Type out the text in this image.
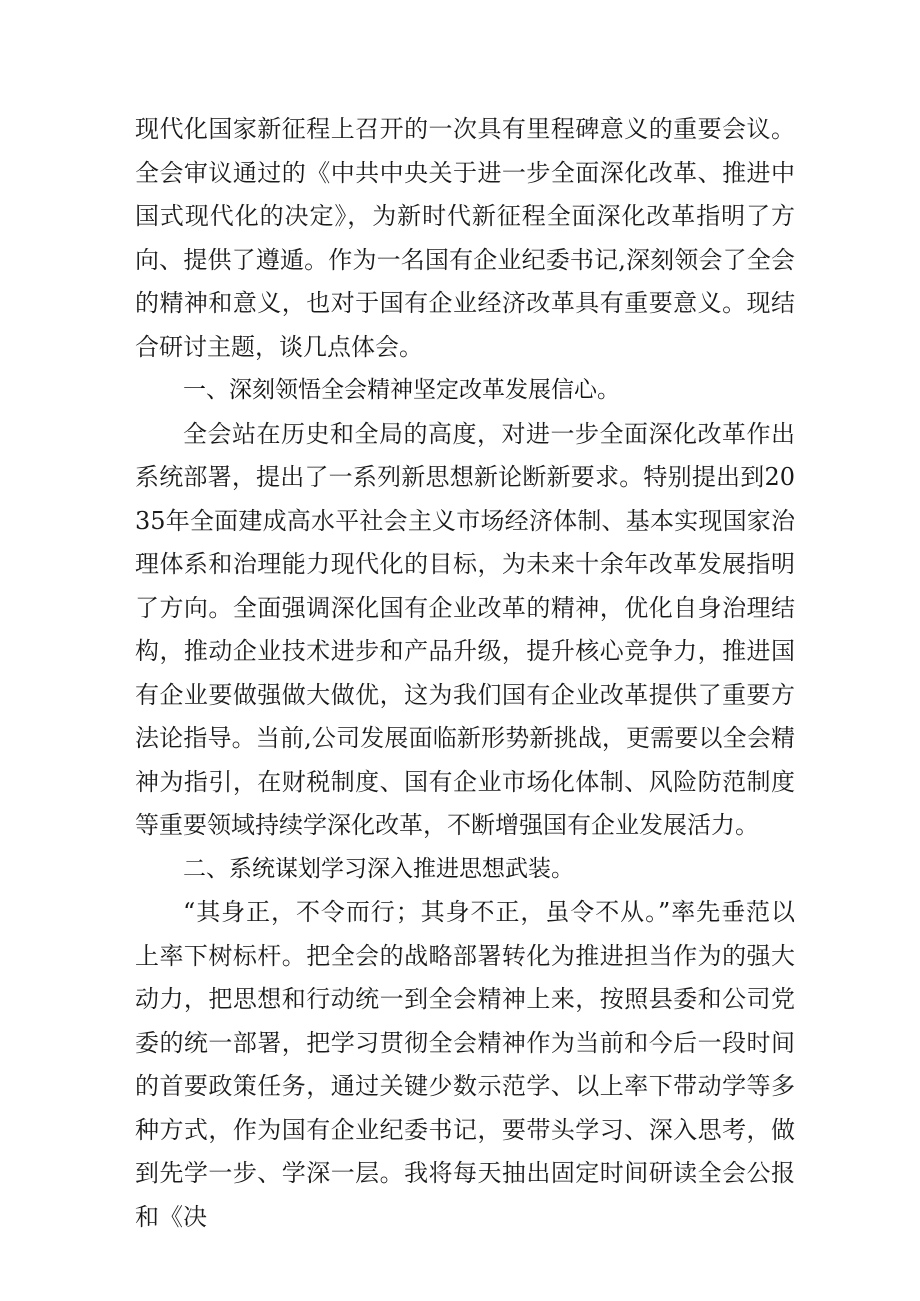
现代化国家新征程上召开的一次具有里程碑意义的重要会议。全会审议通过的《中共中央关于进一步全面深化改革、推进中国式现代化的决定》，为新时代新征程全面深化改革指明了方向、提供了遵遁。作为一名国有企业纪委书记,深刻领会了全会的精神和意义，也对于国有企业经济改革具有重要意义。现结合研讨主题，谈几点体会。

一、深刻领悟全会精神坚定改革发展信心。

全会站在历史和全局的高度，对进一步全面深化改革作出系统部署，提出了一系列新思想新论断新要求。特别提出到2035年全面建成高水平社会主义市场经济体制、基本实现国家治理体系和治理能力现代化的目标，为未来十余年改革发展指明了方向。全面强调深化国有企业改革的精神，优化自身治理结构，推动企业技术进步和产品升级，提升核心竞争力，推进国有企业要做强做大做优，这为我们国有企业改革提供了重要方法论指导。当前,公司发展面临新形势新挑战，更需要以全会精神为指引，在财税制度、国有企业市场化体制、风险防范制度等重要领域持续学深化改革，不断增强国有企业发展活力。

二、系统谋划学习深入推进思想武装。

“其身正，不令而行；其身不正，虽令不从。”率先垂范以上率下树标杆。把全会的战略部署转化为推进担当作为的强大动力，把思想和行动统一到全会精神上来，按照县委和公司党委的统一部署，把学习贯彻全会精神作为当前和今后一段时间的首要政策任务，通过关键少数示范学、以上率下带动学等多种方式，作为国有企业纪委书记，要带头学习、深入思考，做到先学一步、学深一层。我将每天抽出固定时间研读全会公报和《决
